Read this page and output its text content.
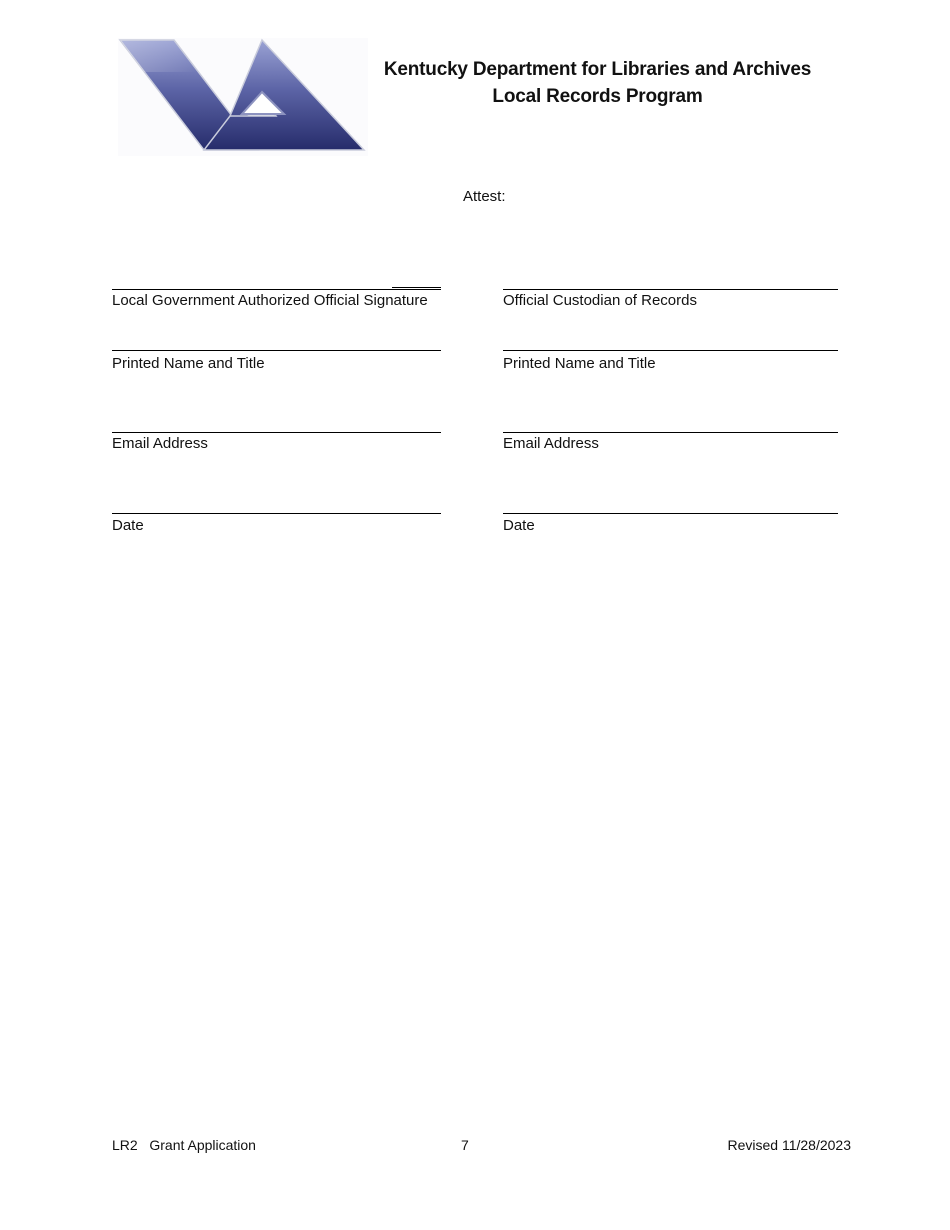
Kentucky Department for Libraries and Archives
Local Records Program
Attest:
Local Government Authorized Official Signature
Printed Name and Title
Email Address
Date
Official Custodian of Records
Printed Name and Title
Email Address
Date
LR2   Grant Application	7	Revised 11/28/2023
